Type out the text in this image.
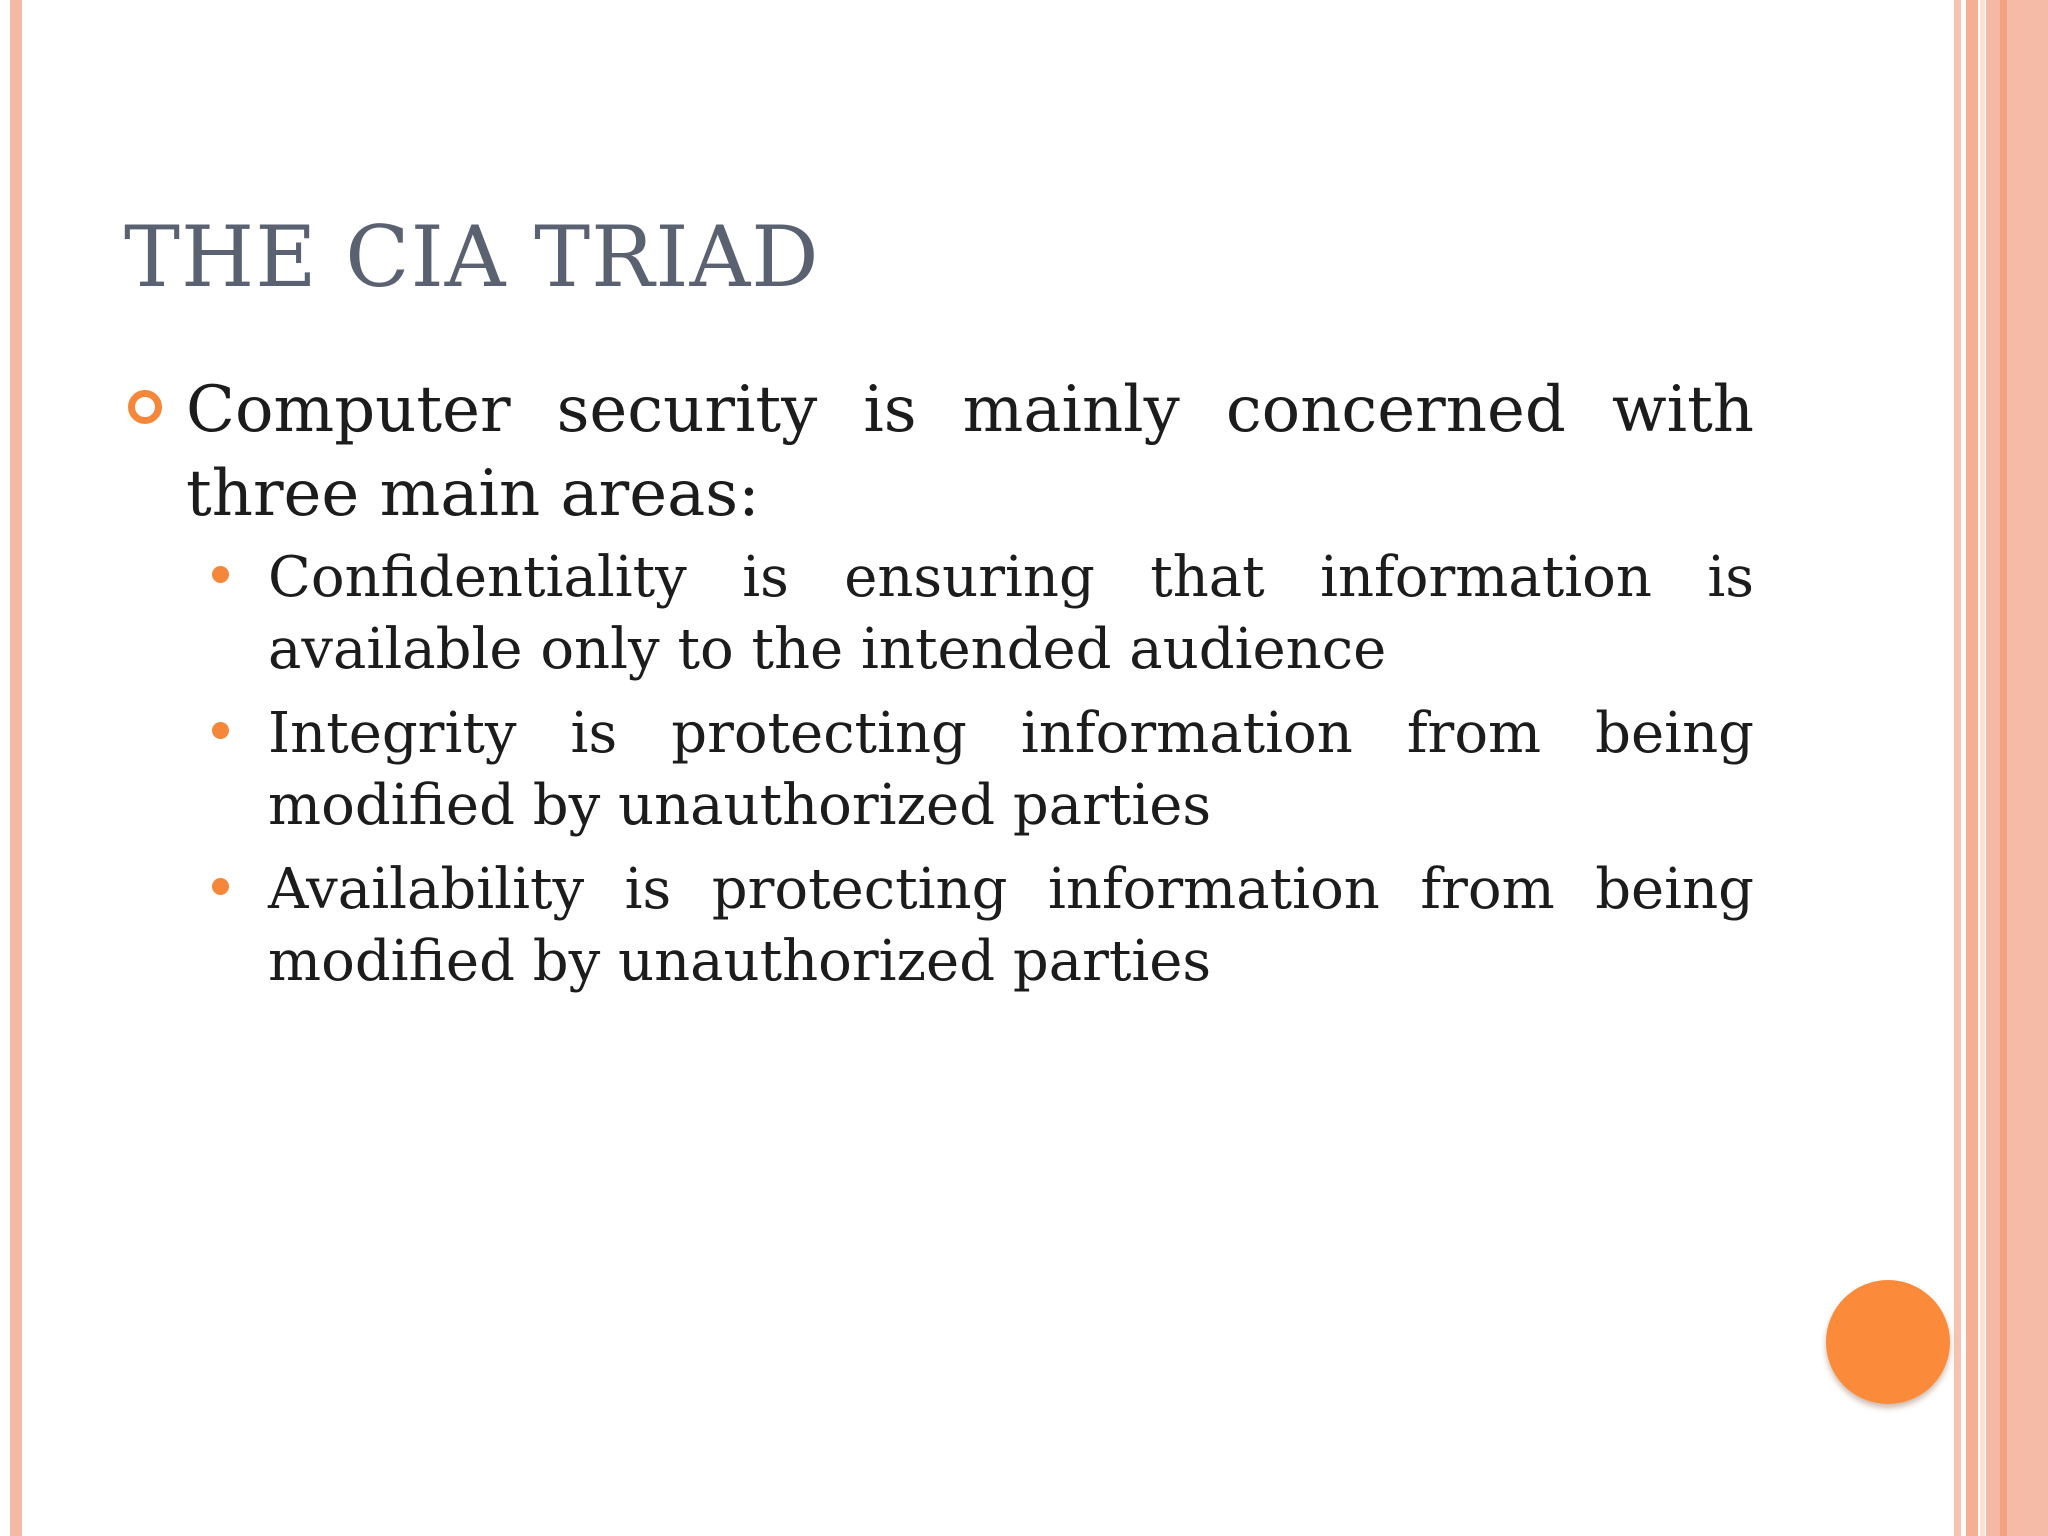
THE CIA TRIAD
Computer security is mainly concerned with three main areas:
Confidentiality is ensuring that information is available only to the intended audience
Integrity is protecting information from being modified by unauthorized parties
Availability is protecting information from being modified by unauthorized parties
